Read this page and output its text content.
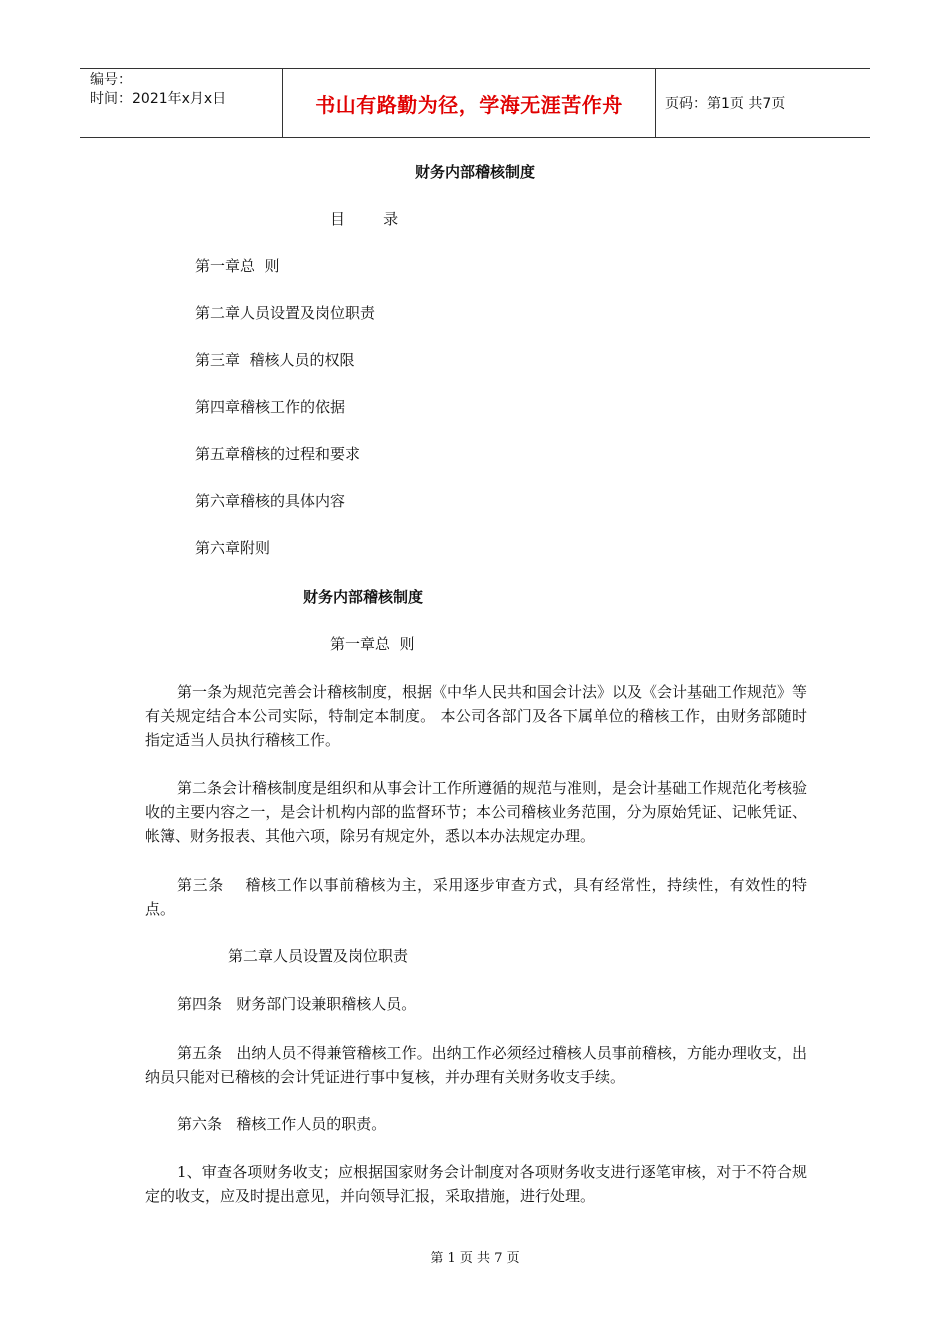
编号：
时间：2021年x月x日	书山有路勤为径，学海无涯苦作舟	页码：第1页 共7页
财务内部稽核制度
目        录
第一章总  则
第二章人员设置及岗位职责
第三章  稽核人员的权限
第四章稽核工作的依据
第五章稽核的过程和要求
第六章稽核的具体内容
第六章附则
财务内部稽核制度
第一章总  则
第一条为规范完善会计稽核制度，根据《中华人民共和国会计法》以及《会计基础工作规范》等有关规定结合本公司实际，特制定本制度。 本公司各部门及各下属单位的稽核工作，由财务部随时指定适当人员执行稽核工作。
第二条会计稽核制度是组织和从事会计工作所遵循的规范与准则，是会计基础工作规范化考核验收的主要内容之一，是会计机构内部的监督环节；本公司稽核业务范围，分为原始凭证、记帐凭证、帐簿、财务报表、其他六项，除另有规定外，悉以本办法规定办理。
第三条    稽核工作以事前稽核为主，采用逐步审查方式，具有经常性，持续性，有效性的特点。
第二章人员设置及岗位职责
第四条   财务部门设兼职稽核人员。
第五条   出纳人员不得兼管稽核工作。出纳工作必须经过稽核人员事前稽核，方能办理收支，出纳员只能对已稽核的会计凭证进行事中复核，并办理有关财务收支手续。
第六条   稽核工作人员的职责。
1、审查各项财务收支；应根据国家财务会计制度对各项财务收支进行逐笔审核，对于不符合规定的收支，应及时提出意见，并向领导汇报，采取措施，进行处理。
第 1 页 共 7 页
